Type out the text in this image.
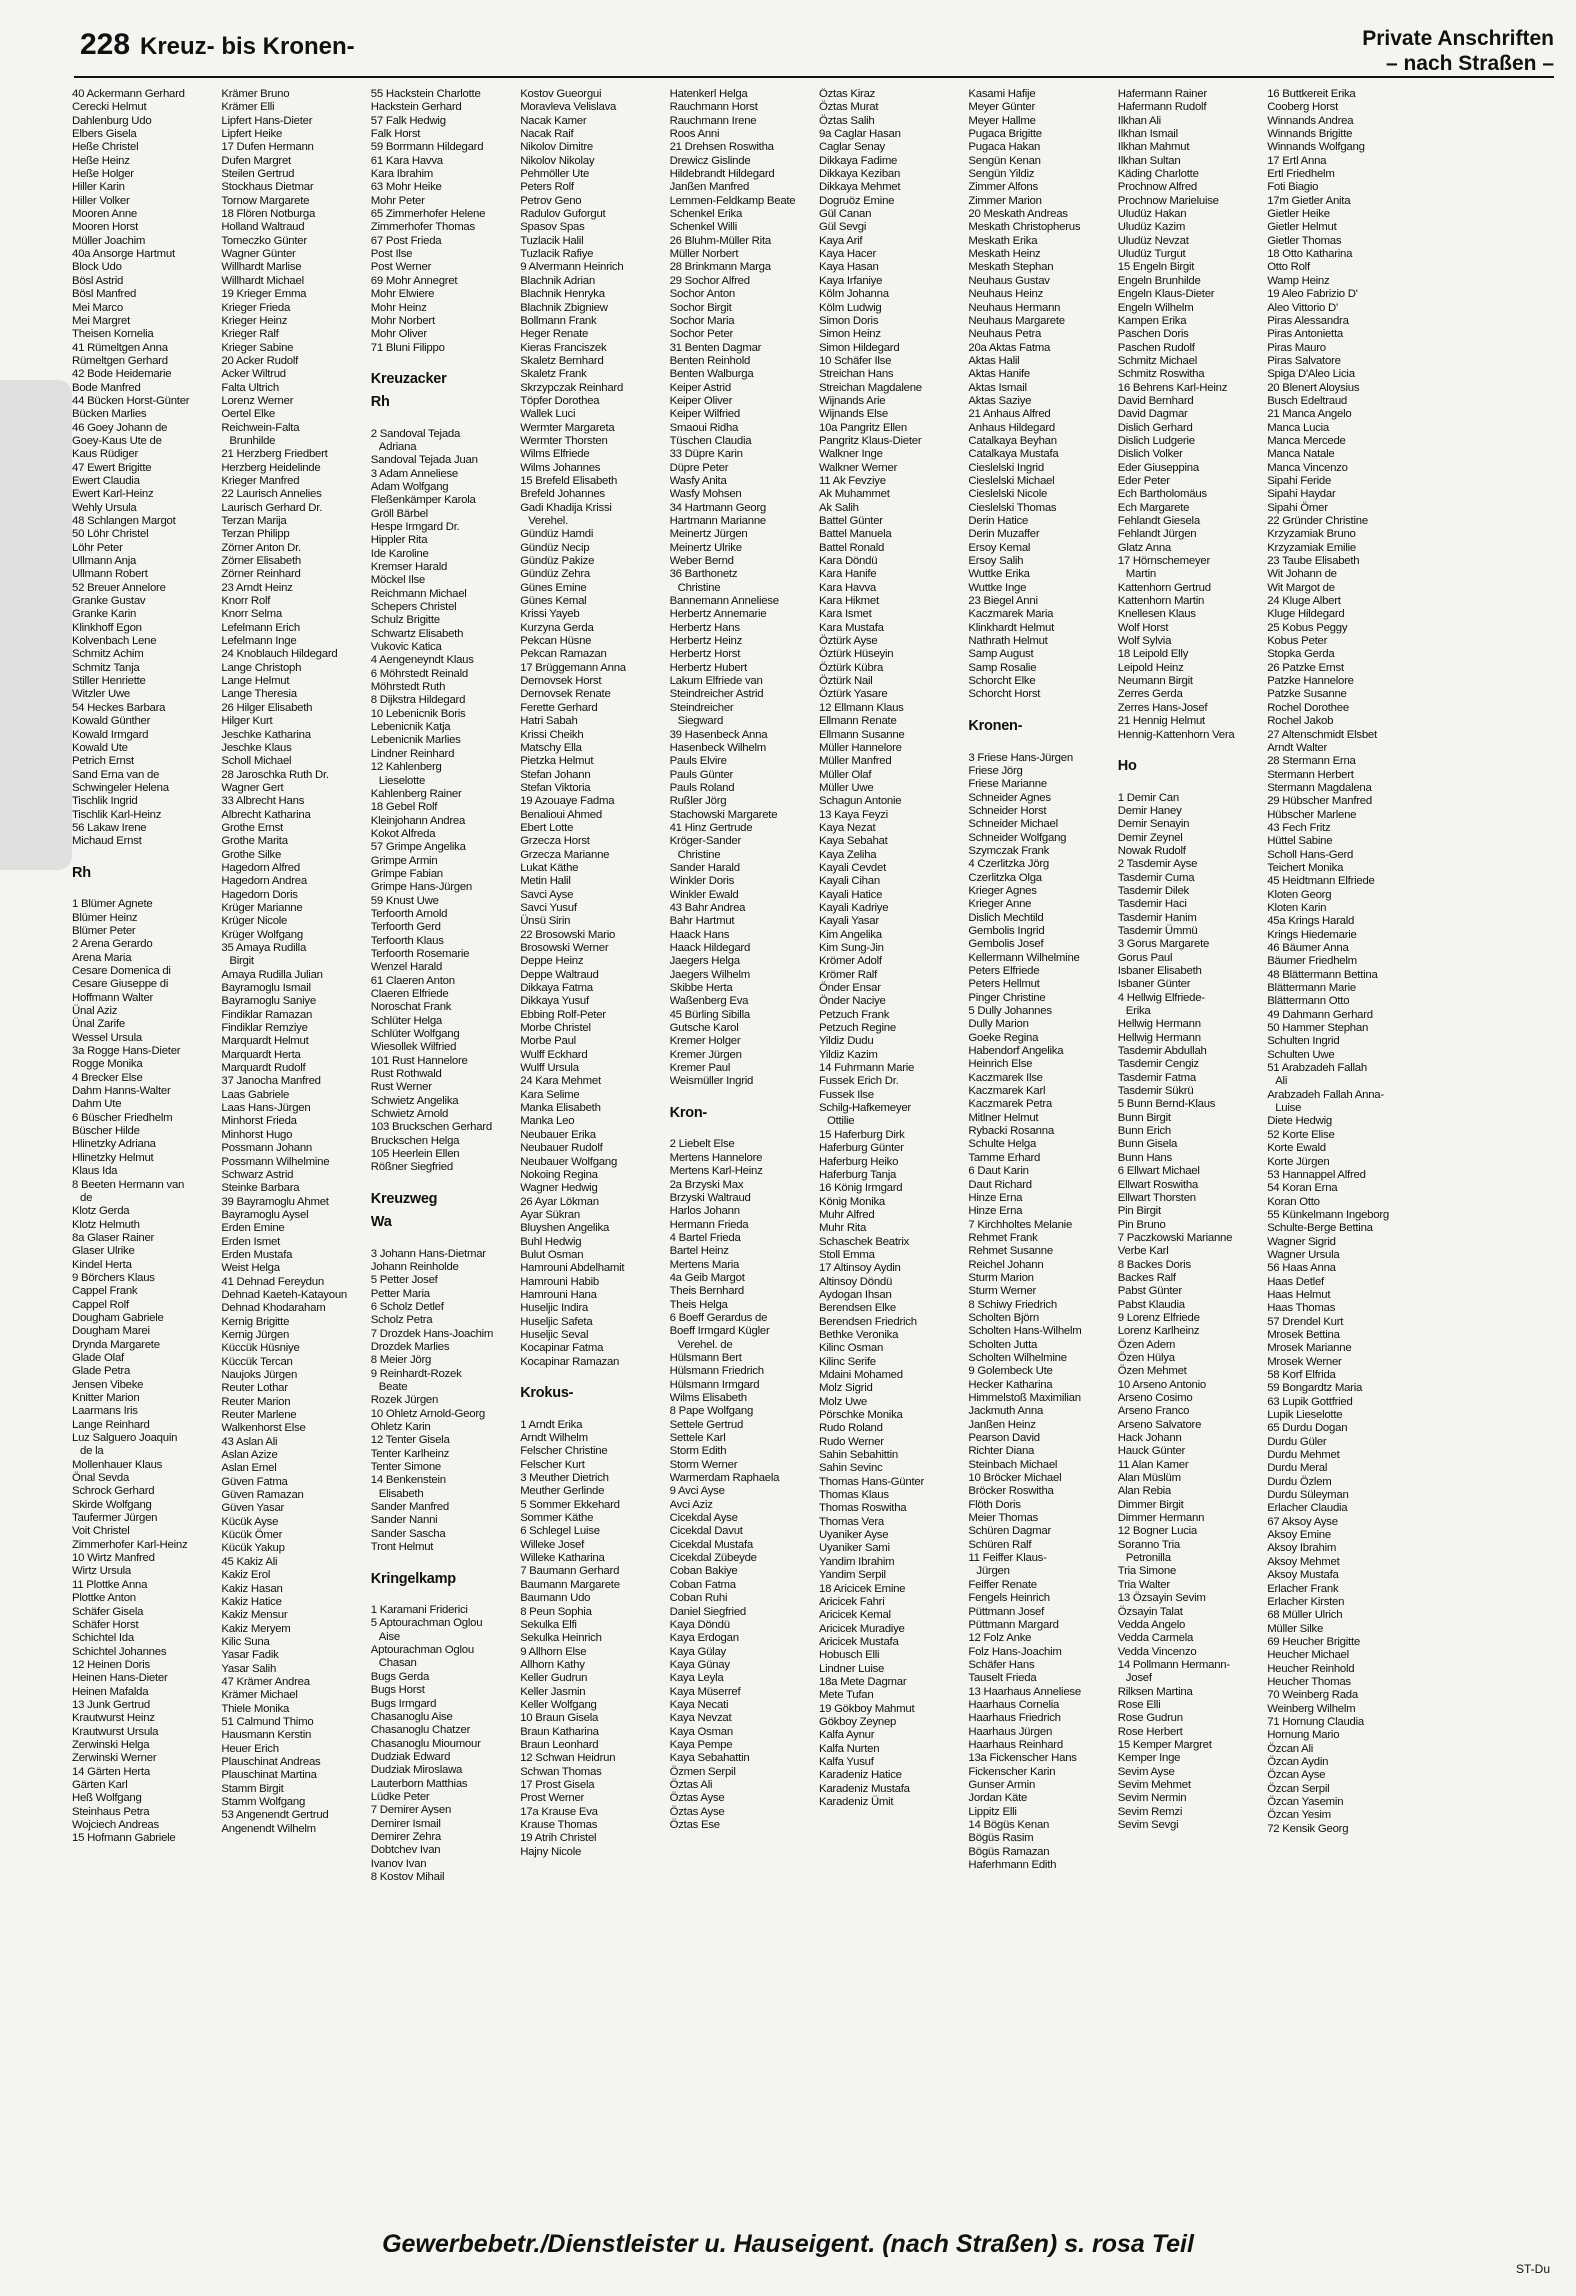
228 Kreuz- bis Kronen-	Private Anschriften
– nach Straßen –
40 Ackermann Gerhard
Cerecki Helmut
Dahlenburg Udo
Elbers Gisela
Heße Christel
Heße Heinz
Heße Holger
Hiller Karin
Hiller Volker
Mooren Anne
Mooren Horst
Müller Joachim
40a Ansorge Hartmut
Block Udo
Bösl Astrid
Bösl Manfred
Mei Marco
Mei Margret
Theisen Kornelia
41 Rümeltgen Anna
Rümeltgen Gerhard
42 Bode Heidemarie
Bode Manfred
44 Bücken Horst-Günter
Bücken Marlies
46 Goey Johann de
Goey-Kaus Ute de
Kaus Rüdiger
47 Ewert Brigitte
Ewert Claudia
Ewert Karl-Heinz
Wehly Ursula
48 Schlangen Margot
50 Löhr Christel
Löhr Peter
Ullmann Anja
Ullmann Robert
52 Breuer Annelore
Granke Gustav
Granke Karin
Klinkhoff Egon
Kolvenbach Lene
Schmitz Achim
Schmitz Tanja
Stiller Henriette
Witzler Uwe
54 Heckes Barbara
Kowald Günther
Kowald Irmgard
Kowald Ute
Petrich Ernst
Sand Erna van de
Schwingeler Helena
Tischlik Ingrid
Tischlik Karl-Heinz
56 Lakaw Irene
Michaud Ernst

Rh

1 Blümer Agnete
Blümer Heinz
Blümer Peter
2 Arena Gerardo
Arena Maria
Cesare Domenica di
Cesare Giuseppe di
Hoffmann Walter
Ünal Aziz
Ünal Zarife
Wessel Ursula
3a Rogge Hans-Dieter
Rogge Monika
4 Brecker Else
Dahm Hanns-Walter
Dahm Ute
6 Büscher Friedhelm
Büscher Hilde
Hlinetzky Adriana
Hlinetzky Helmut
Klaus Ida
8 Beeten Hermann van
de
Klotz Gerda
Klotz Helmuth
8a Glaser Rainer
Glaser Ulrike
Kindel Herta
9 Börchers Klaus
Cappel Frank
Cappel Rolf
Dougham Gabriele
Dougham Marei
Drynda Margarete
Glade Olaf
Glade Petra
Jensen Vibeke
Knitter Marion
Laarmans Iris
Lange Reinhard
Luz Salguero Joaquin
de la
Mollenhauer Klaus
Önal Sevda
Schrock Gerhard
Skirde Wolfgang
Taufermer Jürgen
Voit Christel
Zimmerhofer Karl-Heinz
10 Wirtz Manfred
Wirtz Ursula
11 Plottke Anna
Plottke Anton
Schäfer Gisela
Schäfer Horst
Schichtel Ida
Schichtel Johannes
12 Heinen Doris
Heinen Hans-Dieter
Heinen Mafalda
13 Junk Gertrud
Krautwurst Heinz
Krautwurst Ursula
Zerwinski Helga
Zerwinski Werner
14 Gärten Herta
Gärten Karl
Heß Wolfgang
Steinhaus Petra
Wojciech Andreas
15 Hofmann Gabriele
Krämer Bruno
Krämer Elli
Lipfert Hans-Dieter
Lipfert Heike
17 Dufen Hermann
Dufen Margret
Steilen Gertrud
Stockhaus Dietmar
Tornow Margarete
18 Flören Notburga
Holland Waltraud
Tomeczko Günter
Wagner Günter
Willhardt Marlise
Willhardt Michael
19 Krieger Emma
Krieger Frieda
Krieger Heinz
Krieger Ralf
Krieger Sabine
20 Acker Rudolf
Acker Wiltrud
Falta Ultrich
Lorenz Werner
Oertel Elke
Reichwein-Falta
Brunhilde
21 Herzberg Friedbert
Herzberg Heidelinde
Krieger Manfred
22 Laurisch Annelies
Laurisch Gerhard Dr.
Terzan Marija
Terzan Philipp
Zörner Anton Dr.
Zörner Elisabeth
Zörner Reinhard
23 Arndt Heinz
Knorr Rolf
Knorr Selma
Lefelmann Erich
Lefelmann Inge
24 Knoblauch Hildegard
Lange Christoph
Lange Helmut
Lange Theresia
26 Hilger Elisabeth
Hilger Kurt
Jeschke Katharina
Jeschke Klaus
Scholl Michael
28 Jaroschka Ruth Dr.
Wagner Gert
33 Albrecht Hans
Albrecht Katharina
Grothe Ernst
Grothe Marita
Grothe Silke
Hagedorn Alfred
Hagedorn Andrea
Hagedorn Doris
Krüger Marianne
Krüger Nicole
Krüger Wolfgang
35 Amaya Rudilla
Birgit
Amaya Rudilla Julian
Bayramoglu Ismail
Bayramoglu Saniye
Findiklar Ramazan
Findiklar Remziye
Marquardt Helmut
Marquardt Herta
Marquardt Rudolf
37 Janocha Manfred
Laas Gabriele
Laas Hans-Jürgen
Minhorst Frieda
Minhorst Hugo
Possmann Johann
Possmann Wilhelmine
Schwarz Astrid
Steinke Barbara
39 Bayramoglu Ahmet
Bayramoglu Aysel
Erden Emine
Erden Ismet
Erden Mustafa
Weist Helga
41 Dehnad Fereydun
Dehnad Kaeteh-Katayoun
Dehnad Khodaraham
Kernig Brigitte
Kernig Jürgen
Küccük Hüsniye
Küccük Tercan
Naujoks Jürgen
Reuter Lothar
Reuter Marion
Reuter Marlene
Walkenhorst Else
43 Aslan Ali
Aslan Azize
Aslan Emel
Güven Fatma
Güven Ramazan
Güven Yasar
Kücük Ayse
Kücük Ömer
Kücük Yakup
45 Kakiz Ali
Kakiz Erol
Kakiz Hasan
Kakiz Hatice
Kakiz Mensur
Kakiz Meryem
Kilic Suna
Yasar Fadik
Yasar Salih
47 Krämer Andrea
Krämer Michael
Thiele Monika
51 Calmund Thimo
Hausmann Kerstin
Heuer Erich
Plauschinat Andreas
Plauschinat Martina
Stamm Birgit
Stamm Wolfgang
53 Angenendt Gertrud
Angenendt Wilhelm
55 Hackstein Charlotte
Hackstein Gerhard
57 Falk Hedwig
Falk Horst
59 Borrmann Hildegard
61 Kara Havva
Kara Ibrahim
63 Mohr Heike
Mohr Peter
65 Zimmerhofer Helene
Zimmerhofer Thomas
67 Post Frieda
Post Ilse
Post Werner
69 Mohr Annegret
Mohr Elwiere
Mohr Heinz
Mohr Norbert
Mohr Oliver
71 Bluni Filippo

Kreuzacker
Rh

2 Sandoval Tejada
Adriana
Sandoval Tejada Juan
3 Adam Anneliese
Adam Wolfgang
Fleßenkämper Karola
Gröll Bärbel
Hespe Irmgard Dr.
Hippler Rita
Ide Karoline
Kremser Harald
Möckel Ilse
Reichmann Michael
Schepers Christel
Schulz Brigitte
Schwartz Elisabeth
Vukovic Katica
4 Aengeneyndt Klaus
6 Möhrstedt Reinald
Möhrstedt Ruth
8 Dijkstra Hildegard
10 Lebenicnik Boris
Lebenicnik Katja
Lebenicnik Marlies
Lindner Reinhard
12 Kahlenberg
Lieselotte
Kahlenberg Rainer
18 Gebel Rolf
Kleinjohann Andrea
Kokot Alfreda
57 Grimpe Angelika
Grimpe Armin
Grimpe Fabian
Grimpe Hans-Jürgen
59 Knust Uwe
Terfoorth Arnold
Terfoorth Gerd
Terfoorth Klaus
Terfoorth Rosemarie
Wenzel Harald
61 Claeren Anton
Claeren Elfriede
Noroschat Frank
Schlüter Helga
Schlüter Wolfgang
Wiesollek Wilfried
101 Rust Hannelore
Rust Rothwald
Rust Werner
Schwietz Angelika
Schwietz Arnold
103 Bruckschen Gerhard
Bruckschen Helga
105 Heerlein Ellen
Rößner Siegfried

Kreuzweg
Wa

3 Johann Hans-Dietmar
Johann Reinholde
5 Petter Josef
Petter Maria
6 Scholz Detlef
Scholz Petra
7 Drozdek Hans-Joachim
Drozdek Marlies
8 Meier Jörg
9 Reinhardt-Rozek
Beate
Rozek Jürgen
10 Ohletz Arnold-Georg
Ohletz Karin
12 Tenter Gisela
Tenter Karlheinz
Tenter Simone
14 Benkenstein
Elisabeth
Sander Manfred
Sander Nanni
Sander Sascha
Tront Helmut

Kringelkamp

1 Karamani Friderici
5 Aptourachman Oglou
Aise
Aptourachman Oglou
Chasan
Bugs Gerda
Bugs Horst
Bugs Irmgard
Chasanoglu Aise
Chasanoglu Chatzer
Chasanoglu Mioumour
Dudziak Edward
Dudziak Miroslawa
Lauterborn Matthias
Lüdke Peter
7 Demirer Aysen
Demirer Ismail
Demirer Zehra
Dobtchev Ivan
Ivanov Ivan
8 Kostov Mihail
Kostov Gueorgui
Moravleva Velislava
Nacak Kamer
Nacak Raif
Nikolov Dimitre
Nikolov Nikolay
Pehmöller Ute
Peters Rolf
Petrov Geno
Radulov Guforgut
Spasov Spas
Tuzlacik Halil
Tuzlacik Rafiye
9 Alvermann Heinrich
Blachnik Adrian
Blachnik Henryka
Blachnik Zbigniew
Bollmann Frank
Heger Renate
Kieras Franciszek
Skaletz Bernhard
Skaletz Frank
Skrzypczak Reinhard
Töpfer Dorothea
Wallek Luci
Wermter Margareta
Wermter Thorsten
Wilms Elfriede
Wilms Johannes
15 Brefeld Elisabeth
Brefeld Johannes
Gadi Khadija Krissi
Verehel.
Gündüz Hamdi
Gündüz Necip
Gündüz Pakize
Gündüz Zehra
Günes Emine
Günes Kemal
Krissi Yayeb
Kurzyna Gerda
Pekcan Hüsne
Pekcan Ramazan
17 Brüggemann Anna
Dernovsek Horst
Dernovsek Renate
Ferette Gerhard
Hatri Sabah
Krissi Cheikh
Matschy Ella
Pietzka Helmut
Stefan Johann
Stefan Viktoria
19 Azouaye Fadma
Benalioui Ahmed
Ebert Lotte
Grzecza Horst
Grzecza Marianne
Lukat Käthe
Metin Halil
Savci Ayse
Savci Yusuf
Ünsü Sirin
22 Brosowski Mario
Brosowski Werner
Deppe Heinz
Deppe Waltraud
Dikkaya Fatma
Dikkaya Yusuf
Ebbing Rolf-Peter
Morbe Christel
Morbe Paul
Wulff Eckhard
Wulff Ursula
24 Kara Mehmet
Kara Selime
Manka Elisabeth
Manka Leo
Neubauer Erika
Neubauer Rudolf
Neubauer Wolfgang
Nokoing Regina
Wagner Hedwig
26 Ayar Lökman
Ayar Sükran
Bluyshen Angelika
Buhl Hedwig
Bulut Osman
Hamrouni Abdelhamit
Hamrouni Habib
Hamrouni Hana
Huseljic Indira
Huseljic Safeta
Huseljic Seval
Kocapinar Fatma
Kocapinar Ramazan

Krokus-

1 Arndt Erika
Arndt Wilhelm
Felscher Christine
Felscher Kurt
3 Meuther Dietrich
Meuther Gerlinde
5 Sommer Ekkehard
Sommer Käthe
6 Schlegel Luise
Willeke Josef
Willeke Katharina
7 Baumann Gerhard
Baumann Margarete
Baumann Udo
8 Peun Sophia
Sekulka Elfi
Sekulka Heinrich
9 Allhorn Else
Allhorn Kathy
Keller Gudrun
Keller Jasmin
Keller Wolfgang
10 Braun Gisela
Braun Katharina
Braun Leonhard
12 Schwan Heidrun
Schwan Thomas
17 Prost Gisela
Prost Werner
17a Krause Eva
Krause Thomas
19 Atrih Christel
Hajny Nicole
Hatenkerl Helga
Rauchmann Horst
Rauchmann Irene
Roos Anni
21 Drehsen Roswitha
Drewicz Gislinde
Hildebrandt Hildegard
Janßen Manfred
Lemmen-Feldkamp Beate
Schenkel Erika
Schenkel Willi
26 Bluhm-Müller Rita
Müller Norbert
28 Brinkmann Marga
29 Sochor Alfred
Sochor Anton
Sochor Birgit
Sochor Maria
Sochor Peter
31 Benten Dagmar
Benten Reinhold
Benten Walburga
Keiper Astrid
Keiper Oliver
Keiper Wilfried
Smaoui Ridha
Tüschen Claudia
33 Düpre Karin
Düpre Peter
Wasfy Anita
Wasfy Mohsen
34 Hartmann Georg
Hartmann Marianne
Meinertz Jürgen
Meinertz Ulrike
Weber Bernd
36 Barthonetz
Christine
Bannemann Anneliese
Herbertz Annemarie
Herbertz Hans
Herbertz Heinz
Herbertz Horst
Herbertz Hubert
Lakum Elfriede van
Steindreicher Astrid
Steindreicher
Siegward
39 Hasenbeck Anna
Hasenbeck Wilhelm
Pauls Elvire
Pauls Günter
Pauls Roland
Rußler Jörg
Stachowski Margarete
41 Hinz Gertrude
Kröger-Sander
Christine
Sander Harald
Winkler Doris
Winkler Ewald
43 Bahr Andrea
Bahr Hartmut
Haack Hans
Haack Hildegard
Jaegers Helga
Jaegers Wilhelm
Skibbe Herta
Waßenberg Eva
45 Bürling Sibilla
Gutsche Karol
Kremer Holger
Kremer Jürgen
Kremer Paul
Weismüller Ingrid

Kron-

2 Liebelt Else
Mertens Hannelore
Mertens Karl-Heinz
2a Brzyski Max
Brzyski Waltraud
Harlos Johann
Hermann Frieda
4 Bartel Frieda
Bartel Heinz
Mertens Maria
4a Geib Margot
Theis Bernhard
Theis Helga
6 Boeff Gerardus de
Boeff Irmgard Kügler
Verehel. de
Hülsmann Bert
Hülsmann Friedrich
Hülsmann Irmgard
Wilms Elisabeth
8 Pape Wolfgang
Settele Gertrud
Settele Karl
Storm Edith
Storm Werner
Warmerdam Raphaela
9 Avci Ayse
Avci Aziz
Cicekdal Ayse
Cicekdal Davut
Cicekdal Mustafa
Cicekdal Zübeyde
Coban Bakiye
Coban Fatma
Coban Ruhi
Daniel Siegfried
Kaya Döndü
Kaya Erdogan
Kaya Gülay
Kaya Günay
Kaya Leyla
Kaya Müserref
Kaya Necati
Kaya Nevzat
Kaya Osman
Kaya Pempe
Kaya Sebahattin
Özmen Serpil
Öztas Ali
Öztas Ayse
Öztas Ayse
Öztas Ese
Öztas Kiraz
Öztas Murat
Öztas Salih
9a Caglar Hasan
Caglar Senay
Dikkaya Fadime
Dikkaya Keziban
Dikkaya Mehmet
Dogruöz Emine
Gül Canan
Gül Sevgi
Kaya Arif
Kaya Hacer
Kaya Hasan
Kaya Irfaniye
Kölm Johanna
Kölm Ludwig
Simon Doris
Simon Heinz
Simon Hildegard
10 Schäfer Ilse
Streichan Hans
Streichan Magdalene
Wijnands Arie
Wijnands Else
10a Pangritz Ellen
Pangritz Klaus-Dieter
Walkner Inge
Walkner Werner
11 Ak Fevziye
Ak Muhammet
Ak Salih
Battel Günter
Battel Manuela
Battel Ronald
Kara Döndü
Kara Hanife
Kara Havva
Kara Hikmet
Kara Ismet
Kara Mustafa
Öztürk Ayse
Öztürk Hüseyin
Öztürk Kübra
Öztürk Nail
Öztürk Yasare
12 Ellmann Klaus
Ellmann Renate
Ellmann Susanne
Müller Hannelore
Müller Manfred
Müller Olaf
Müller Uwe
Schagun Antonie
13 Kaya Feyzi
Kaya Nezat
Kaya Sebahat
Kaya Zeliha
Kayali Cevdet
Kayali Cihan
Kayali Hatice
Kayali Kadriye
Kayali Yasar
Kim Angelika
Kim Sung-Jin
Krömer Adolf
Krömer Ralf
Önder Ensar
Önder Naciye
Petzuch Frank
Petzuch Regine
Yildiz Dudu
Yildiz Kazim
14 Fuhrmann Marie
Fussek Erich Dr.
Fussek Ilse
Schilg-Hafkemeyer
Ottilie
15 Haferburg Dirk
Haferburg Günter
Haferburg Heiko
Haferburg Tanja
16 König Irmgard
König Monika
Muhr Alfred
Muhr Rita
Schaschek Beatrix
Stoll Emma
17 Altinsoy Aydin
Altinsoy Döndü
Aydogan Ihsan
Berendsen Elke
Berendsen Friedrich
Bethke Veronika
Kilinc Osman
Kilinc Serife
Mdaini Mohamed
Molz Sigrid
Molz Uwe
Pörschke Monika
Rudo Roland
Rudo Werner
Sahin Sebahittin
Sahin Sevinc
Thomas Hans-Günter
Thomas Klaus
Thomas Roswitha
Thomas Vera
Uyaniker Ayse
Uyaniker Sami
Yandim Ibrahim
Yandim Serpil
18 Aricicek Emine
Aricicek Fahri
Aricicek Kemal
Aricicek Muradiye
Aricicek Mustafa
Hobusch Elli
Lindner Luise
18a Mete Dagmar
Mete Tufan
19 Gökboy Mahmut
Gökboy Zeynep
Kalfa Aynur
Kalfa Nurten
Kalfa Yusuf
Karadeniz Hatice
Karadeniz Mustafa
Karadeniz Ümit
Kasami Hafije
Meyer Günter
Meyer Hallme
Pugaca Brigitte
Pugaca Hakan
Sengün Kenan
Sengün Yildiz
Zimmer Alfons
Zimmer Marion
20 Meskath Andreas
Meskath Christopherus
Meskath Erika
Meskath Heinz
Meskath Stephan
Neuhaus Gustav
Neuhaus Heinz
Neuhaus Hermann
Neuhaus Margarete
Neuhaus Petra
20a Aktas Fatma
Aktas Halil
Aktas Hanife
Aktas Ismail
Aktas Saziye
21 Anhaus Alfred
Anhaus Hildegard
Catalkaya Beyhan
Catalkaya Mustafa
Cieslelski Ingrid
Cieslelski Michael
Cieslelski Nicole
Cieslelski Thomas
Derin Hatice
Derin Muzaffer
Ersoy Kemal
Ersoy Salih
Wuttke Erika
Wuttke Inge
23 Biegel Anni
Kaczmarek Maria
Klinkhardt Helmut
Nathrath Helmut
Samp August
Samp Rosalie
Schorcht Elke
Schorcht Horst

Kronen-

3 Friese Hans-Jürgen
Friese Jörg
Friese Marianne
Schneider Agnes
Schneider Horst
Schneider Michael
Schneider Wolfgang
Szymczak Frank
4 Czerlitzka Jörg
Czerlitzka Olga
Krieger Agnes
Krieger Anne
Dislich Mechtild
Gembolis Ingrid
Gembolis Josef
Kellermann Wilhelmine
Peters Elfriede
Peters Hellmut
Pinger Christine
5 Dully Johannes
Dully Marion
Goeke Regina
Habendorf Angelika
Heinrich Else
Kaczmarek Ilse
Kaczmarek Karl
Kaczmarek Petra
Mitlner Helmut
Rybacki Rosanna
Schulte Helga
Tamme Erhard
6 Daut Karin
Daut Richard
Hinze Erna
Hinze Erna
7 Kirchholtes Melanie
Rehmet Frank
Rehmet Susanne
Reichel Johann
Sturm Marion
Sturm Werner
8 Schiwy Friedrich
Scholten Björn
Scholten Hans-Wilhelm
Scholten Jutta
Scholten Wilhelmine
9 Golembeck Ute
Hecker Katharina
Himmelstoß Maximilian
Jackmuth Anna
Janßen Heinz
Pearson David
Richter Diana
Steinbach Michael
10 Bröcker Michael
Bröcker Roswitha
Flöth Doris
Meier Thomas
Schüren Dagmar
Schüren Ralf
11 Feiffer Klaus-
Jürgen
Feiffer Renate
Fengels Heinrich
Püttmann Josef
Püttmann Margard
12 Folz Anke
Folz Hans-Joachim
Schäfer Hans
Tauselt Frieda
13 Haarhaus Anneliese
Haarhaus Cornelia
Haarhaus Friedrich
Haarhaus Jürgen
Haarhaus Reinhard
13a Fickenscher Hans
Fickenscher Karin
Gunser Armin
Jordan Käte
Lippitz Elli
14 Bögüs Kenan
Bögüs Rasim
Bögüs Ramazan
Haferhmann Edith
Hafermann Rainer
Hafermann Rudolf
Ilkhan Ali
Ilkhan Ismail
Ilkhan Mahmut
Ilkhan Sultan
Käding Charlotte
Prochnow Alfred
Prochnow Marieluise
Uludüz Hakan
Uludüz Kazim
Uludüz Nevzat
Uludüz Turgut
15 Engeln Birgit
Engeln Brunhilde
Engeln Klaus-Dieter
Engeln Wilhelm
Kampen Erika
Paschen Doris
Paschen Rudolf
Schmitz Michael
Schmitz Roswitha
16 Behrens Karl-Heinz
David Bernhard
David Dagmar
Dislich Gerhard
Dislich Ludgerie
Dislich Volker
Eder Giuseppina
Eder Peter
Ech Bartholomäus
Ech Margarete
Fehlandt Giesela
Fehlandt Jürgen
Glatz Anna
17 Hörnschemeyer
Martin
Kattenhorn Gertrud
Kattenhorn Martin
Knellesen Klaus
Wolf Horst
Wolf Sylvia
18 Leipold Elly
Leipold Heinz
Neumann Birgit
Zerres Gerda
Zerres Hans-Josef
21 Hennig Helmut
Hennig-Kattenhorn Vera

Ho

1 Demir Can
Demir Haney
Demir Senayin
Demir Zeynel
Nowak Rudolf
2 Tasdemir Ayse
Tasdemir Cuma
Tasdemir Dilek
Tasdemir Haci
Tasdemir Hanim
Tasdemir Ümmü
3 Gorus Margarete
Gorus Paul
Isbaner Elisabeth
Isbaner Günter
4 Hellwig Elfriede-
Erika
Hellwig Hermann
Hellwig Hermann
Tasdemir Abdullah
Tasdemir Cengiz
Tasdemir Fatma
Tasdemir Sükrü
5 Bunn Bernd-Klaus
Bunn Birgit
Bunn Erich
Bunn Gisela
Bunn Hans
6 Ellwart Michael
Ellwart Roswitha
Ellwart Thorsten
Pin Birgit
Pin Bruno
7 Paczkowski Marianne
Verbe Karl
8 Backes Doris
Backes Ralf
Pabst Günter
Pabst Klaudia
9 Lorenz Elfriede
Lorenz Karlheinz
Özen Adem
Özen Hülya
Özen Mehmet
10 Arseno Antonio
Arseno Cosimo
Arseno Franco
Arseno Salvatore
Hack Johann
Hauck Günter
11 Alan Kamer
Alan Müslüm
Alan Rebia
Dimmer Birgit
Dimmer Hermann
12 Bogner Lucia
Soranno Tria
Petronilla
Tria Simone
Tria Walter
13 Özsayin Sevim
Özsayin Talat
Vedda Angelo
Vedda Carmela
Vedda Vincenzo
14 Pollmann Hermann-
Josef
Rilksen Martina
Rose Elli
Rose Gudrun
Rose Herbert
15 Kemper Margret
Kemper Inge
Sevim Ayse
Sevim Mehmet
Sevim Nermin
Sevim Remzi
Sevim Sevgi
16 Buttkereit Erika
Cooberg Horst
Winnands Andrea
Winnands Brigitte
Winnands Wolfgang
17 Ertl Anna
Ertl Friedhelm
Foti Biagio
17m Gietler Anita
Gietler Heike
Gietler Helmut
Gietler Thomas
18 Otto Katharina
Otto Rolf
Wamp Heinz
19 Aleo Fabrizio D'
Aleo Vittorio D'
Piras Alessandra
Piras Antonietta
Piras Mauro
Piras Salvatore
Spiga D'Aleo Licia
20 Blenert Aloysius
Busch Edeltraud
21 Manca Angelo
Manca Lucia
Manca Mercede
Manca Natale
Manca Vincenzo
Sipahi Feride
Sipahi Haydar
Sipahi Ömer
22 Gründer Christine
Krzyzamiak Bruno
Krzyzamiak Emilie
23 Taube Elisabeth
Wit Johann de
Wit Margot de
24 Kluge Albert
Kluge Hildegard
25 Kobus Peggy
Kobus Peter
Stopka Gerda
26 Patzke Ernst
Patzke Hannelore
Patzke Susanne
Rochel Dorothee
Rochel Jakob
27 Altenschmidt Elsbet
Arndt Walter
28 Stermann Erna
Stermann Herbert
Stermann Magdalena
29 Hübscher Manfred
Hübscher Marlene
43 Fech Fritz
Hüttel Sabine
Scholl Hans-Gerd
Teichert Monika
45 Heidtmann Elfriede
Kloten Georg
Kloten Karin
45a Krings Harald
Krings Hiedemarie
46 Bäumer Anna
Bäumer Friedhelm
48 Blättermann Bettina
Blättermann Marie
Blättermann Otto
49 Dahmann Gerhard
50 Hammer Stephan
Schulten Ingrid
Schulten Uwe
51 Arabzadeh Fallah
Ali
Arabzadeh Fallah Anna-
Luise
Diete Hedwig
52 Korte Elise
Korte Ewald
Korte Jürgen
53 Hannappel Alfred
54 Koran Erna
Koran Otto
55 Künkelmann Ingeborg
Schulte-Berge Bettina
Wagner Sigrid
Wagner Ursula
56 Haas Anna
Haas Detlef
Haas Helmut
Haas Thomas
57 Drendel Kurt
Mrosek Bettina
Mrosek Marianne
Mrosek Werner
58 Korf Elfrida
59 Bongardtz Maria
63 Lupik Gottfried
Lupik Lieselotte
65 Durdu Dogan
Durdu Güler
Durdu Mehmet
Durdu Meral
Durdu Özlem
Durdu Süleyman
Erlacher Claudia
67 Aksoy Ayse
Aksoy Emine
Aksoy Ibrahim
Aksoy Mehmet
Aksoy Mustafa
Erlacher Frank
Erlacher Kirsten
68 Müller Ulrich
Müller Silke
69 Heucher Brigitte
Heucher Michael
Heucher Reinhold
Heucher Thomas
70 Weinberg Rada
Weinberg Wilhelm
71 Hornung Claudia
Hornung Mario
Özcan Ali
Özcan Aydin
Özcan Ayse
Özcan Serpil
Özcan Yasemin
Özcan Yesim
72 Kensik Georg
Gewerbebetr./Dienstleister u. Hauseigent. (nach Straßen) s. rosa Teil
ST-Du
